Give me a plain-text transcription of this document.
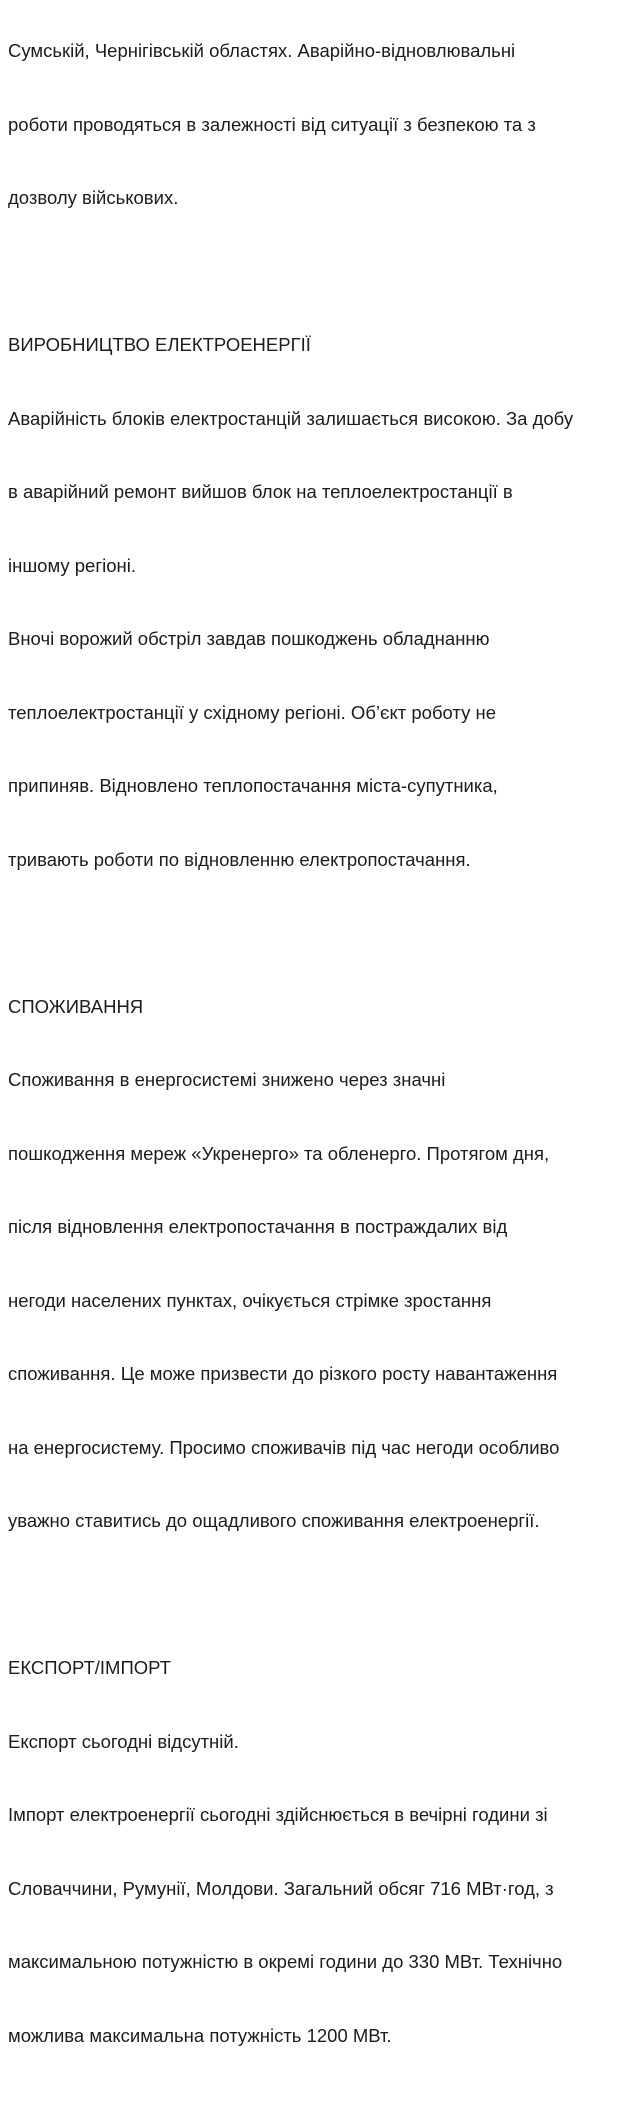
Сумській, Чернігівській областях. Аварійно-відновлювальні

роботи проводяться в залежності від ситуації з безпекою та з

дозволу військових.

ВИРОБНИЦТВО ЕЛЕКТРОЕНЕРГІЇ

Аварійність блоків електростанцій залишається високою. За добу

в аварійний ремонт вийшов блок на теплоелектростанції в

іншому регіоні.

Вночі ворожий обстріл завдав пошкоджень обладнанню

теплоелектростанції у східному регіоні. Об’єкт роботу не

припиняв. Відновлено теплопостачання міста-супутника,

тривають роботи по відновленню електропостачання.

СПОЖИВАННЯ

Споживання в енергосистемі знижено через значні

пошкодження мереж «Укренерго» та обленерго. Протягом дня,

після відновлення електропостачання в постраждалих від

негоди населених пунктах, очікується стрімке зростання

споживання. Це може призвести до різкого росту навантаження

на енергосистему. Просимо споживачів під час негоди особливо

уважно ставитись до ощадливого споживання електроенергії.

ЕКСПОРТ/ІМПОРТ

Експорт сьогодні відсутній.

Імпорт електроенергії сьогодні здійснюється в вечірні години зі

Словаччини, Румунії, Молдови. Загальний обсяг 716 МВт·год, з

максимальною потужністю в окремі години до 330 МВт. Технічно

можлива максимальна потужність 1200 МВт.
